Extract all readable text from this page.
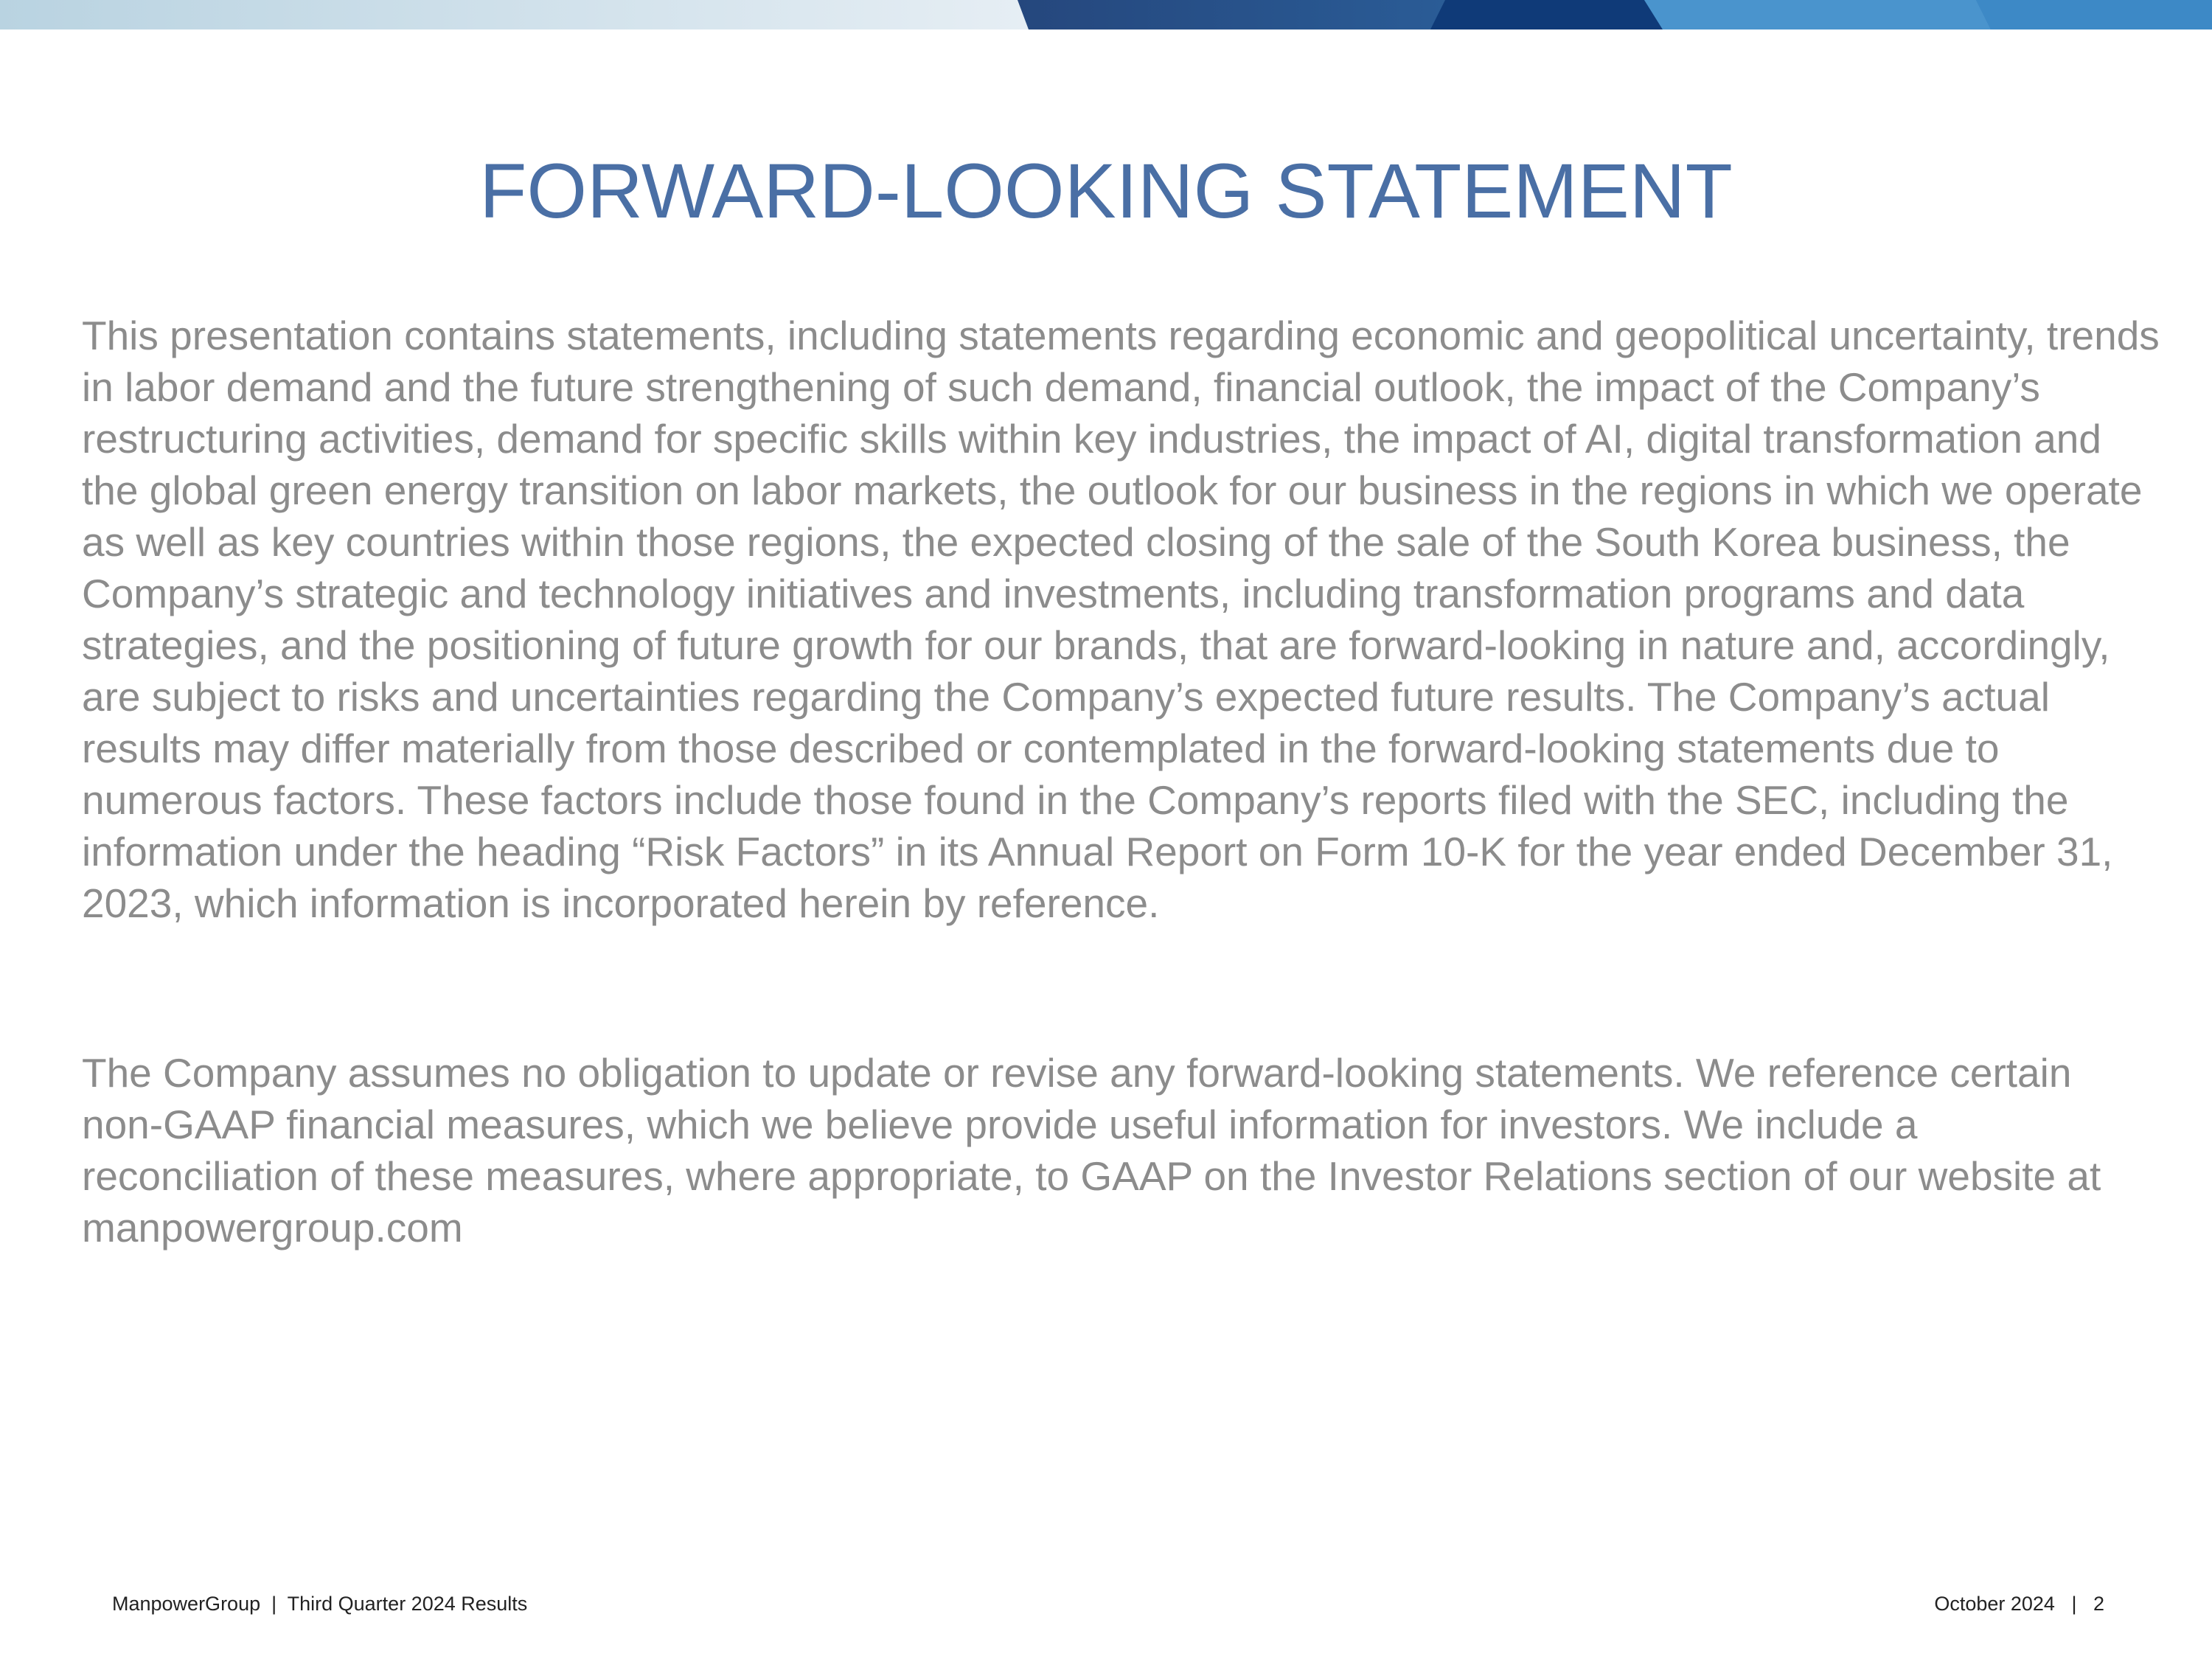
FORWARD-LOOKING STATEMENT

This presentation contains statements, including statements regarding economic and geopolitical uncertainty, trends in labor demand and the future strengthening of such demand, financial outlook, the impact of the Company’s restructuring activities, demand for specific skills within key industries, the impact of AI, digital transformation and the global green energy transition on labor markets, the outlook for our business in the regions in which we operate as well as key countries within those regions, the expected closing of the sale of the South Korea business, the Company’s strategic and technology initiatives and investments, including transformation programs and data strategies, and the positioning of future growth for our brands, that are forward-looking in nature and, accordingly, are subject to risks and uncertainties regarding the Company’s expected future results. The Company’s actual results may differ materially from those described or contemplated in the forward-looking statements due to numerous factors. These factors include those found in the Company’s reports filed with the SEC, including the information under the heading “Risk Factors” in its Annual Report on Form 10-K for the year ended December 31, 2023, which information is incorporated herein by reference.

The Company assumes no obligation to update or revise any forward-looking statements. We reference certain non-GAAP financial measures, which we believe provide useful information for investors. We include a reconciliation of these measures, where appropriate, to GAAP on the Investor Relations section of our website at manpowergroup.com

ManpowerGroup  |  Third Quarter 2024 Results	October 2024   |   2
